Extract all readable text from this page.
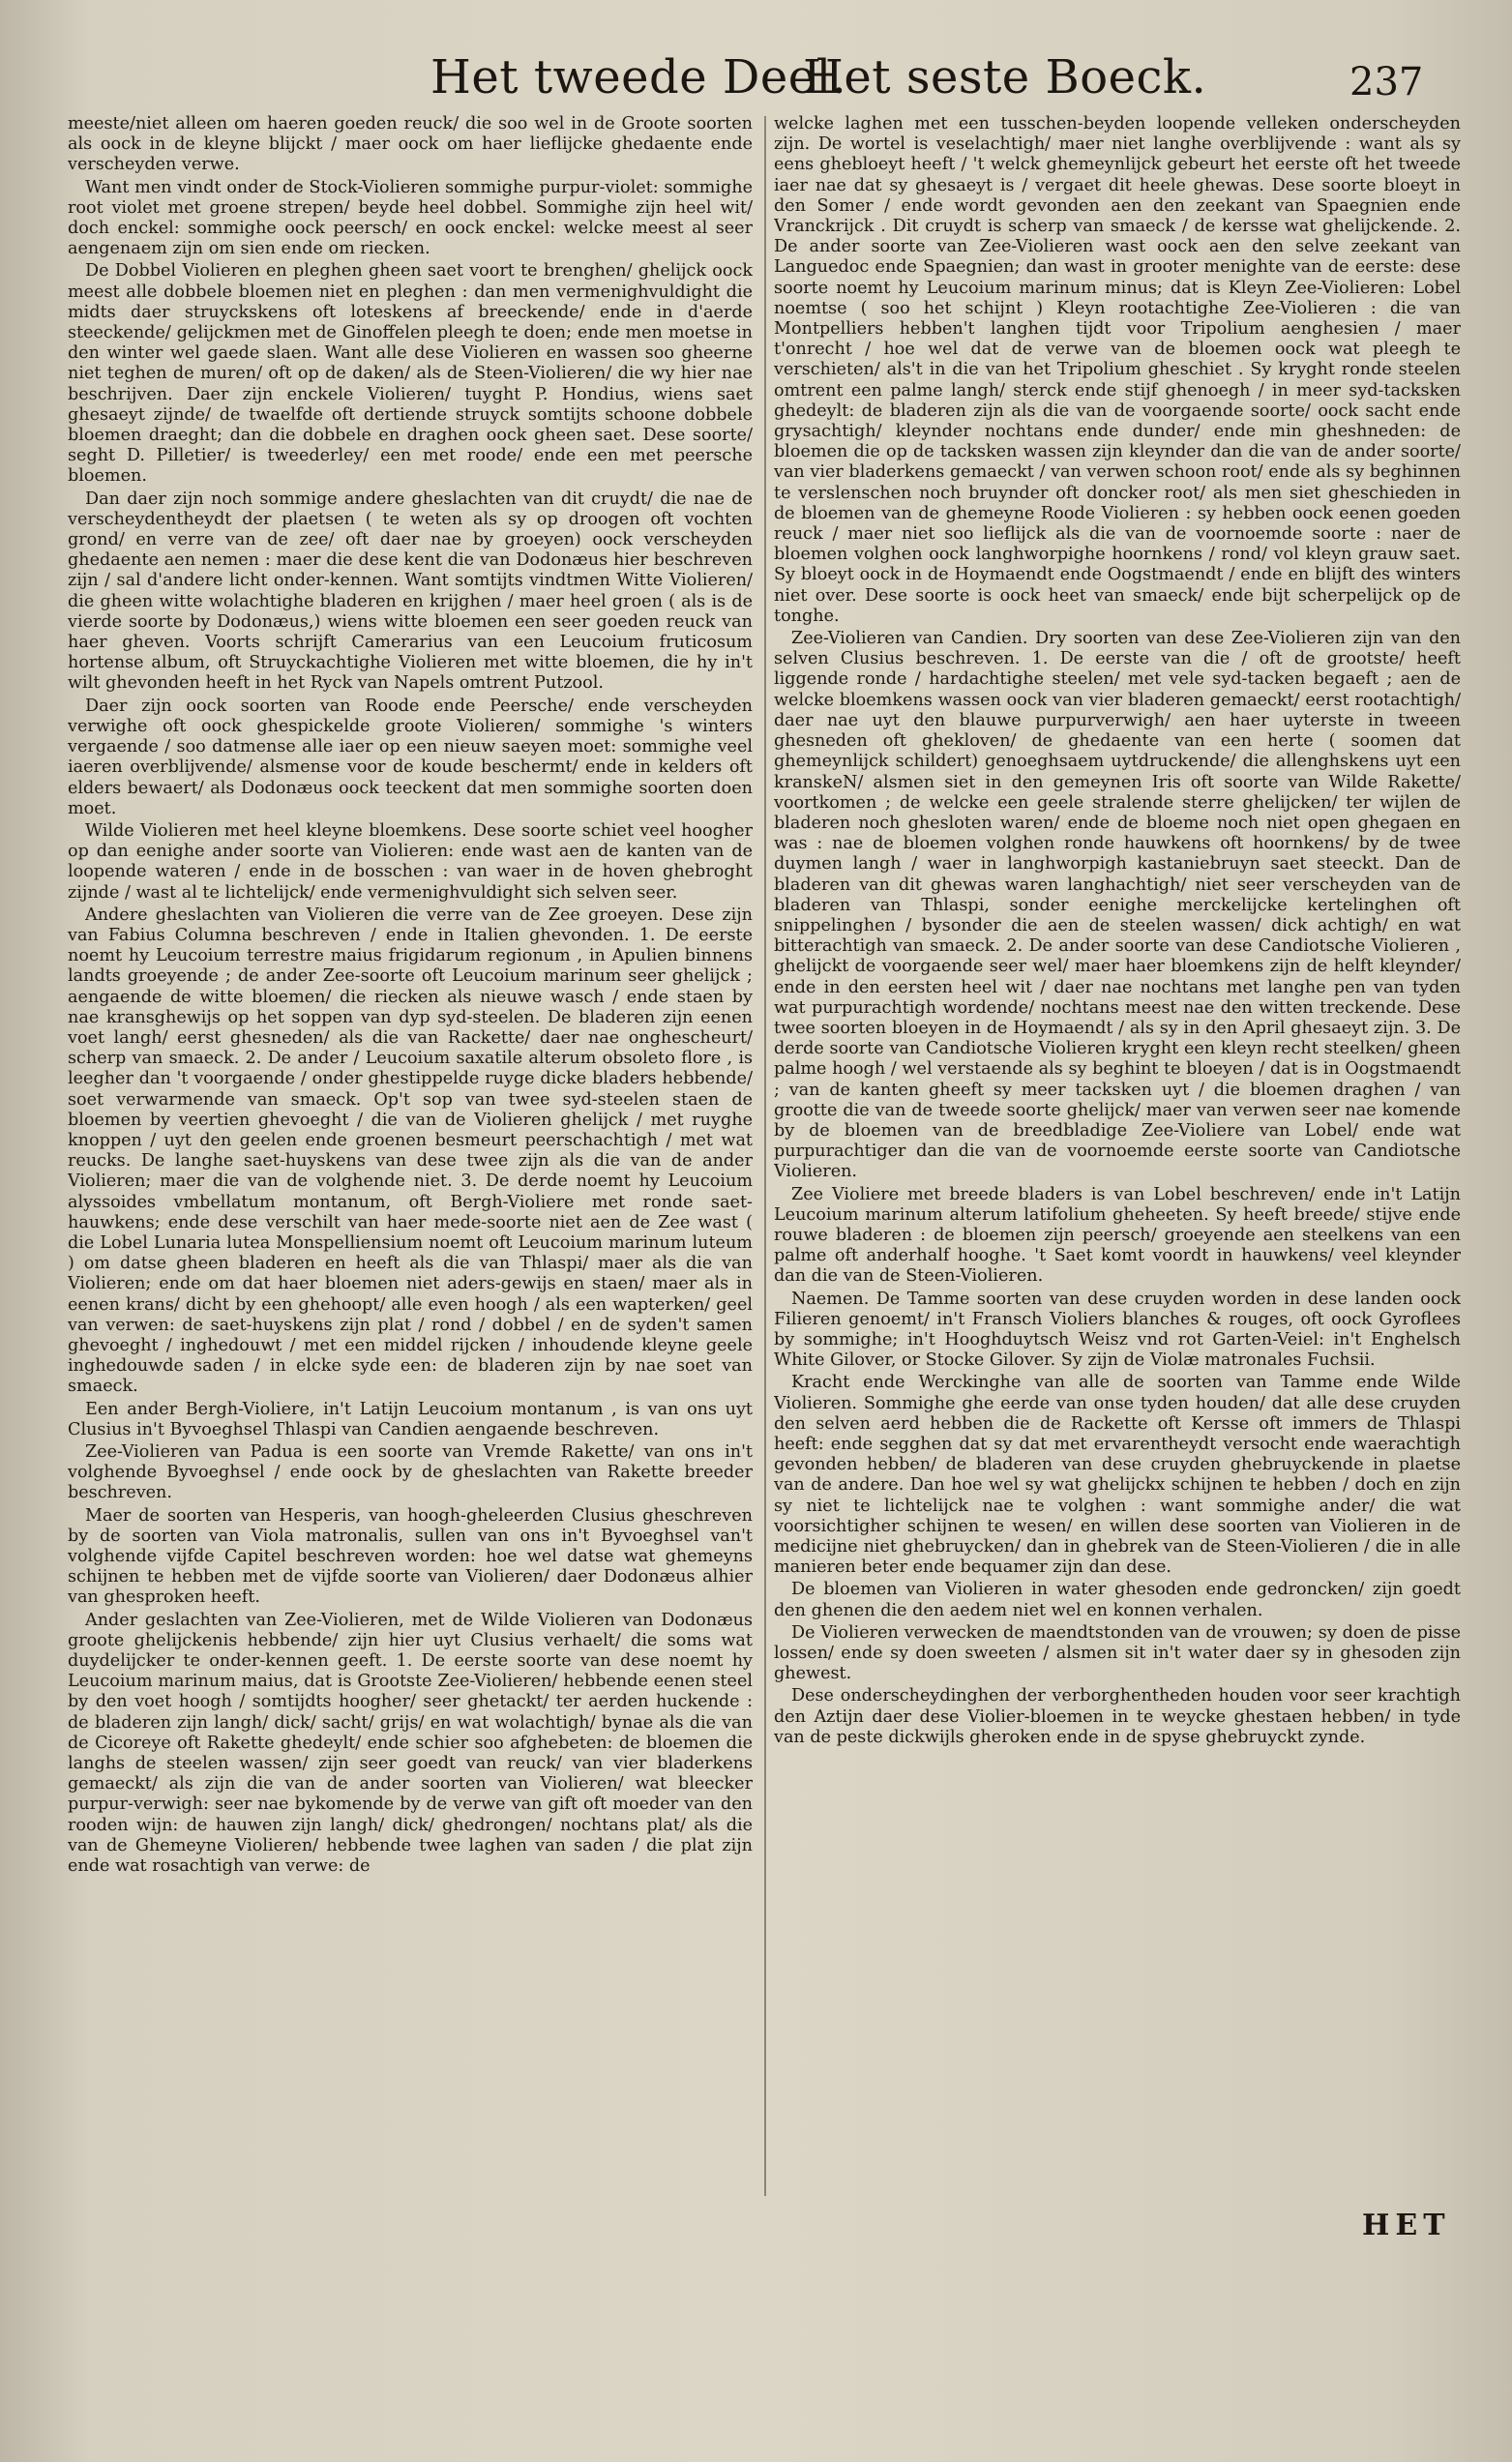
Het tweede Deel.
Het seste Boeck.	237

meeste/niet alleen om haeren goeden reuck/ die soo wel in de Groote soorten als oock in de kleyne blijckt / maer oock om haer lieflijcke ghedaente ende verscheyden verwe.

Want men vindt onder de Stock-Violieren sommighe purpur-violet: sommighe root violet met groene strepen/ beyde heel dobbel. Sommighe zijn heel wit/ doch enckel: sommighe oock peersch/ en oock enckel: welcke meest al seer aengenaem zijn om sien ende om riecken.

De Dobbel Violieren en pleghen gheen saet voort te brenghen/ ghelijck oock meest alle dobbele bloemen niet en pleghen : dan men vermenighvuldight die midts daer struyckskens oft loteskens af breeckende/ ende in d'aerde steeckende/ gelijckmen met de Ginoffelen pleegh te doen; ende men moetse in den winter wel gaede slaen. Want alle dese Violieren en wassen soo gheerne niet teghen de muren/ oft op de daken/ als de Steen-Violieren/ die wy hier nae beschrijven. Daer zijn enckele Violieren/ tuyght P. Hondius, wiens saet ghesaeyt zijnde/ de twaelfde oft dertiende struyck somtijts schoone dobbele bloemen draeght; dan die dobbele en draghen oock gheen saet. Dese soorte/ seght D. Pilletier/ is tweederley/ een met roode/ ende een met peersche bloemen.

Dan daer zijn noch sommige andere gheslachten van dit cruydt/ die nae de verscheydentheydt der plaetsen ( te weten als sy op droogen oft vochten grond/ en verre van de zee/ oft daer nae by groeyen) oock verscheyden ghedaente aen nemen : maer die dese kent die van Dodonæus hier beschreven zijn / sal d'andere licht onder-kennen. Want somtijts vindtmen Witte Violieren/ die gheen witte wolachtighe bladeren en krijghen / maer heel groen ( als is de vierde soorte by Dodonæus,) wiens witte bloemen een seer goeden reuck van haer gheven. Voorts schrijft Camerarius van een Leucoium fruticosum hortense album, oft Struyckachtighe Violieren met witte bloemen, die hy in't wilt ghevonden heeft in het Ryck van Napels omtrent Putzool.

Daer zijn oock soorten van Roode ende Peersche/ ende verscheyden verwighe oft oock ghespickelde groote Violieren/ sommighe 's winters vergaende / soo datmense alle iaer op een nieuw saeyen moet: sommighe veel iaeren overblijvende/ alsmense voor de koude beschermt/ ende in kelders oft elders bewaert/ als Dodonæus oock teeckent dat men sommighe soorten doen moet.

Wilde Violieren met heel kleyne bloemkens. Dese soorte schiet veel hoogher op dan eenighe ander soorte van Violieren: ende wast aen de kanten van de loopende wateren / ende in de bosschen : van waer in de hoven ghebroght zijnde / wast al te lichtelijck/ ende vermenighvuldight sich selven seer.

Andere gheslachten van Violieren die verre van de Zee groeyen. Dese zijn van Fabius Columna beschreven / ende in Italien ghevonden. 1. De eerste noemt hy Leucoium terrestre maius frigidarum regionum , in Apulien binnens landts groeyende ; de ander Zee-soorte oft Leucoium marinum seer ghelijck ; aengaende de witte bloemen/ die riecken als nieuwe wasch / ende staen by nae kransghewijs op het soppen van dyp syd-steelen. De bladeren zijn eenen voet langh/ eerst ghesneden/ als die van Rackette/ daer nae onghescheurt/ scherp van smaeck. 2. De ander / Leucoium saxatile alterum obsoleto flore , is leegher dan 't voorgaende / onder ghestippelde ruyge dicke bladers hebbende/ soet verwarmende van smaeck. Op't sop van twee syd-steelen staen de bloemen by veertien ghevoeght / die van de Violieren ghelijck / met ruyghe knoppen / uyt den geelen ende groenen besmeurt peerschachtigh / met wat reucks. De langhe saet-huyskens van dese twee zijn als die van de ander Violieren; maer die van de volghende niet. 3. De derde noemt hy Leucoium alyssoides vmbellatum montanum, oft Bergh-Violiere met ronde saet-hauwkens; ende dese verschilt van haer mede-soorte niet aen de Zee wast ( die Lobel Lunaria lutea Monspelliensium noemt oft Leucoium marinum luteum ) om datse gheen bladeren en heeft als die van Thlaspi/ maer als die van Violieren; ende om dat haer bloemen niet aders-gewijs en staen/ maer als in eenen krans/ dicht by een ghehoopt/ alle even hoogh / als een wapterken/ geel van verwen: de saet-huyskens zijn plat / rond / dobbel / en de syden't samen ghevoeght / inghedouwt / met een middel rijcken / inhoudende kleyne geele inghedouwde saden / in elcke syde een: de bladeren zijn by nae soet van smaeck.

Een ander Bergh-Violiere, in't Latijn Leucoium montanum , is van ons uyt Clusius in't Byvoeghsel Thlaspi van Candien aengaende beschreven.

Zee-Violieren van Padua is een soorte van Vremde Rakette/ van ons in't volghende Byvoeghsel / ende oock by de gheslachten van Rakette breeder beschreven.

Maer de soorten van Hesperis, van hoogh-gheleerden Clusius gheschreven by de soorten van Viola matronalis, sullen van ons in't Byvoeghsel van't volghende vijfde Capitel beschreven worden: hoe wel datse wat ghemeyns schijnen te hebben met de vijfde soorte van Violieren/ daer Dodonæus alhier van ghesproken heeft.

Ander geslachten van Zee-Violieren, met de Wilde Violieren van Dodonæus groote ghelijckenis hebbende/ zijn hier uyt Clusius verhaelt/ die soms wat duydelijcker te onder-kennen geeft. 1. De eerste soorte van dese noemt hy Leucoium marinum maius, dat is Grootste Zee-Violieren/ hebbende eenen steel by den voet hoogh / somtijdts hoogher/ seer ghetackt/ ter aerden huckende : de bladeren zijn langh/ dick/ sacht/ grijs/ en wat wolachtigh/ bynae als die van de Cicoreye oft Rakette ghedeylt/ ende schier soo afghebeten: de bloemen die langhs de steelen wassen/ zijn seer goedt van reuck/ van vier bladerkens gemaeckt/ als zijn die van de ander soorten van Violieren/ wat bleecker purpur-verwigh: seer nae bykomende by de verwe van gift oft moeder van den rooden wijn: de hauwen zijn langh/ dick/ ghedrongen/ nochtans plat/ als die van de Ghemeyne Violieren/ hebbende twee laghen van saden / die plat zijn ende wat rosachtigh van verwe: de

welcke laghen met een tusschen-beyden loopende velleken onderscheyden zijn. De wortel is veselachtigh/ maer niet langhe overblijvende : want als sy eens ghebloeyt heeft / 't welck ghemeynlijck gebeurt het eerste oft het tweede iaer nae dat sy ghesaeyt is / vergaet dit heele ghewas. Dese soorte bloeyt in den Somer / ende wordt gevonden aen den zeekant van Spaegnien ende Vranckrijck . Dit cruydt is scherp van smaeck / de kersse wat ghelijckende. 2. De ander soorte van Zee-Violieren wast oock aen den selve zeekant van Languedoc ende Spaegnien; dan wast in grooter menighte van de eerste: dese soorte noemt hy Leucoium marinum minus; dat is Kleyn Zee-Violieren: Lobel noemtse ( soo het schijnt ) Kleyn rootachtighe Zee-Violieren : die van Montpelliers hebben't langhen tijdt voor Tripolium aenghesien / maer t'onrecht / hoe wel dat de verwe van de bloemen oock wat pleegh te verschieten/ als't in die van het Tripolium gheschiet . Sy kryght ronde steelen omtrent een palme langh/ sterck ende stijf ghenoegh / in meer syd-tacksken ghedeylt: de bladeren zijn als die van de voorgaende soorte/ oock sacht ende grysachtigh/ kleynder nochtans ende dunder/ ende min gheshneden: de bloemen die op de tacksken wassen zijn kleynder dan die van de ander soorte/ van vier bladerkens gemaeckt / van verwen schoon root/ ende als sy beghinnen te verslenschen noch bruynder oft doncker root/ als men siet gheschieden in de bloemen van de ghemeyne Roode Violieren : sy hebben oock eenen goeden reuck / maer niet soo lieflijck als die van de voornoemde soorte : naer de bloemen volghen oock langhworpighe hoornkens / rond/ vol kleyn grauw saet. Sy bloeyt oock in de Hoymaendt ende Oogstmaendt / ende en blijft des winters niet over. Dese soorte is oock heet van smaeck/ ende bijt scherpelijck op de tonghe.

Zee-Violieren van Candien. Dry soorten van dese Zee-Violieren zijn van den selven Clusius beschreven. 1. De eerste van die / oft de grootste/ heeft liggende ronde / hardachtighe steelen/ met vele syd-tacken begaeft ; aen de welcke bloemkens wassen oock van vier bladeren gemaeckt/ eerst rootachtigh/ daer nae uyt den blauwe purpurverwigh/ aen haer uyterste in tweeen ghesneden oft ghekloven/ de ghedaente van een herte ( soomen dat ghemeynlijck schildert) genoeghsaem uytdruckende/ die allenghskens uyt een kranskeN/ alsmen siet in den gemeynen Iris oft soorte van Wilde Rakette/ voortkomen ; de welcke een geele stralende sterre ghelijcken/ ter wijlen de bladeren noch ghesloten waren/ ende de bloeme noch niet open ghegaen en was : nae de bloemen volghen ronde hauwkens oft hoornkens/ by de twee duymen langh / waer in langhworpigh kastaniebruyn saet steeckt. Dan de bladeren van dit ghewas waren langhachtigh/ niet seer verscheyden van de bladeren van Thlaspi, sonder eenighe merckelijcke kertelinghen oft snippelinghen / bysonder die aen de steelen wassen/ dick achtigh/ en wat bitterachtigh van smaeck. 2. De ander soorte van dese Candiotsche Violieren , ghelijckt de voorgaende seer wel/ maer haer bloemkens zijn de helft kleynder/ ende in den eersten heel wit / daer nae nochtans met langhe pen van tyden wat purpurachtigh wordende/ nochtans meest nae den witten treckende. Dese twee soorten bloeyen in de Hoymaendt / als sy in den April ghesaeyt zijn. 3. De derde soorte van Candiotsche Violieren kryght een kleyn recht steelken/ gheen palme hoogh / wel verstaende als sy beghint te bloeyen / dat is in Oogstmaendt ; van de kanten gheeft sy meer tacksken uyt / die bloemen draghen / van grootte die van de tweede soorte ghelijck/ maer van verwen seer nae komende by de bloemen van de breedbladige Zee-Violiere van Lobel/ ende wat purpurachtiger dan die van de voornoemde eerste soorte van Candiotsche Violieren.

Zee Violiere met breede bladers is van Lobel beschreven/ ende in't Latijn Leucoium marinum alterum latifolium gheheeten. Sy heeft breede/ stijve ende rouwe bladeren : de bloemen zijn peersch/ groeyende aen steelkens van een palme oft anderhalf hooghe. 't Saet komt voordt in hauwkens/ veel kleynder dan die van de Steen-Violieren.

Naemen. De Tamme soorten van dese cruyden worden in dese landen oock Filieren genoemt/ in't Fransch Violiers blanches & rouges, oft oock Gyroflees by sommighe; in't Hooghduytsch Weisz vnd rot Garten-Veiel: in't Enghelsch White Gilover, or Stocke Gilover. Sy zijn de Violæ matronales Fuchsii.

Kracht ende Werckinghe van alle de soorten van Tamme ende Wilde Violieren. Sommighe ghe eerde van onse tyden houden/ dat alle dese cruyden den selven aerd hebben die de Rackette oft Kersse oft immers de Thlaspi heeft: ende segghen dat sy dat met ervarentheydt versocht ende waerachtigh gevonden hebben/ de bladeren van dese cruyden ghebruyckende in plaetse van de andere. Dan hoe wel sy wat ghelijckx schijnen te hebben / doch en zijn sy niet te lichtelijck nae te volghen : want sommighe ander/ die wat voorsichtigher schijnen te wesen/ en willen dese soorten van Violieren in de medicijne niet ghebruycken/ dan in ghebrek van de Steen-Violieren / die in alle manieren beter ende bequamer zijn dan dese.

De bloemen van Violieren in water ghesoden ende gedroncken/ zijn goedt den ghenen die den aedem niet wel en konnen verhalen.

De Violieren verwecken de maendtstonden van de vrouwen; sy doen de pisse lossen/ ende sy doen sweeten / alsmen sit in't water daer sy in ghesoden zijn ghewest.

Dese onderscheydinghen der verborghentheden houden voor seer krachtigh den Aztijn daer dese Violier-bloemen in te weycke ghestaen hebben/ in tyde van de peste dickwijls gheroken ende in de spyse ghebruyckt zynde.

HET
